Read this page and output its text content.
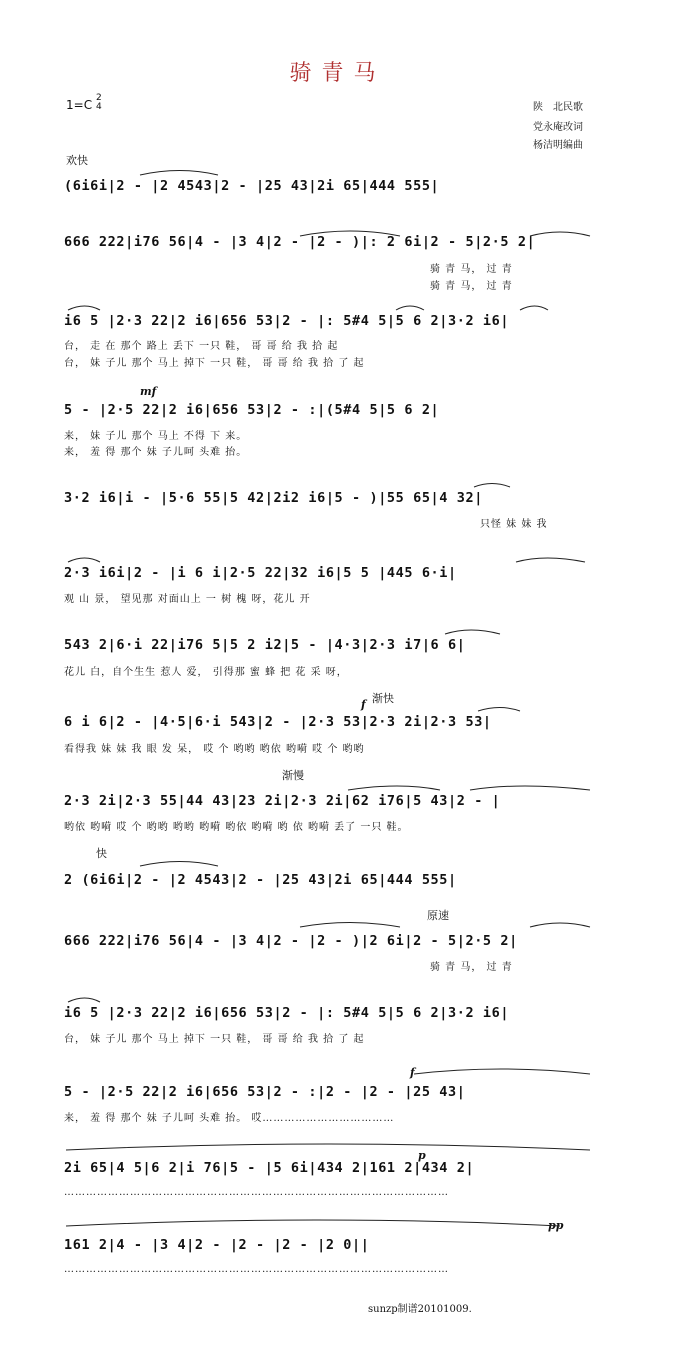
骑青马
1=C 2
4	陕　北民歌
党永庵改词
杨洁明编曲
欢快
渐快
渐慢
快
原速
mf
f
f
p
pp
(6i6i|2 - |2 4543|2 - |25 43|2i 65|444 555|
666 222|i76 56|4 - |3 4|2 - |2 - )|: 2 6i|2 - 5|2·5 2|
骑 青 马， 过 青
骑 青 马， 过 青
i6 5 |2·3 22|2 i6|656 53|2 - |: 5#4 5|5 6 2|3·2 i6|
台， 走 在 那个 路上 丢下 一只 鞋， 哥 哥 给 我 拾 起
台， 妹 子儿 那个 马上 掉下 一只 鞋， 哥 哥 给 我 拾 了 起
5 - |2·5 22|2 i6|656 53|2 - :|(5#4 5|5 6 2|
来， 妹 子儿 那个 马上 不得 下 来。
来， 羞 得 那个 妹 子儿呵 头难 抬。
3·2 i6|i - |5·6 55|5 42|2i2 i6|5 - )|55 65|4 32|
只怪 妹 妹 我
2·3 i6i|2 - |i 6 i|2·5 22|32 i6|5 5 |445 6·i|
观 山 景， 望见那 对面山上 一 树 槐 呀，花儿 开
543 2|6·i 22|i76 5|5 2 i2|5 - |4·3|2·3 i7|6 6|
花儿 白，自个生生 惹人 爱， 引得那 蜜 蜂 把 花 采 呀，
6 i 6|2 - |4·5|6·i 543|2 - |2·3 53|2·3 2i|2·3 53|
看得我 妹 妹 我 眼 发 呆， 哎 个 哟哟 哟依 哟嗬 哎 个 哟哟
2·3 2i|2·3 55|44 43|23 2i|2·3 2i|62 i76|5 43|2 - |
哟依 哟嗬 哎 个 哟哟 哟哟 哟嗬 哟依 哟嗬 哟 依 哟嗬 丢了 一只 鞋。
2 (6i6i|2 - |2 4543|2 - |25 43|2i 65|444 555|
666 222|i76 56|4 - |3 4|2 - |2 - )|2 6i|2 - 5|2·5 2|
骑 青 马， 过 青
i6 5 |2·3 22|2 i6|656 53|2 - |: 5#4 5|5 6 2|3·2 i6|
台， 妹 子儿 那个 马上 掉下 一只 鞋， 哥 哥 给 我 拾 了 起
5 - |2·5 22|2 i6|656 53|2 - :|2 - |2 - |25 43|
来， 羞 得 那个 妹 子儿呵 头难 抬。 哎………………………………
2i 65|4 5|6 2|i 76|5 - |5 6i|434 2|161 2|434 2|
……………………………………………………………………………………………
161 2|4 - |3 4|2 - |2 - |2 - |2 0||
……………………………………………………………………………………………
sunzp制谱20101009.
